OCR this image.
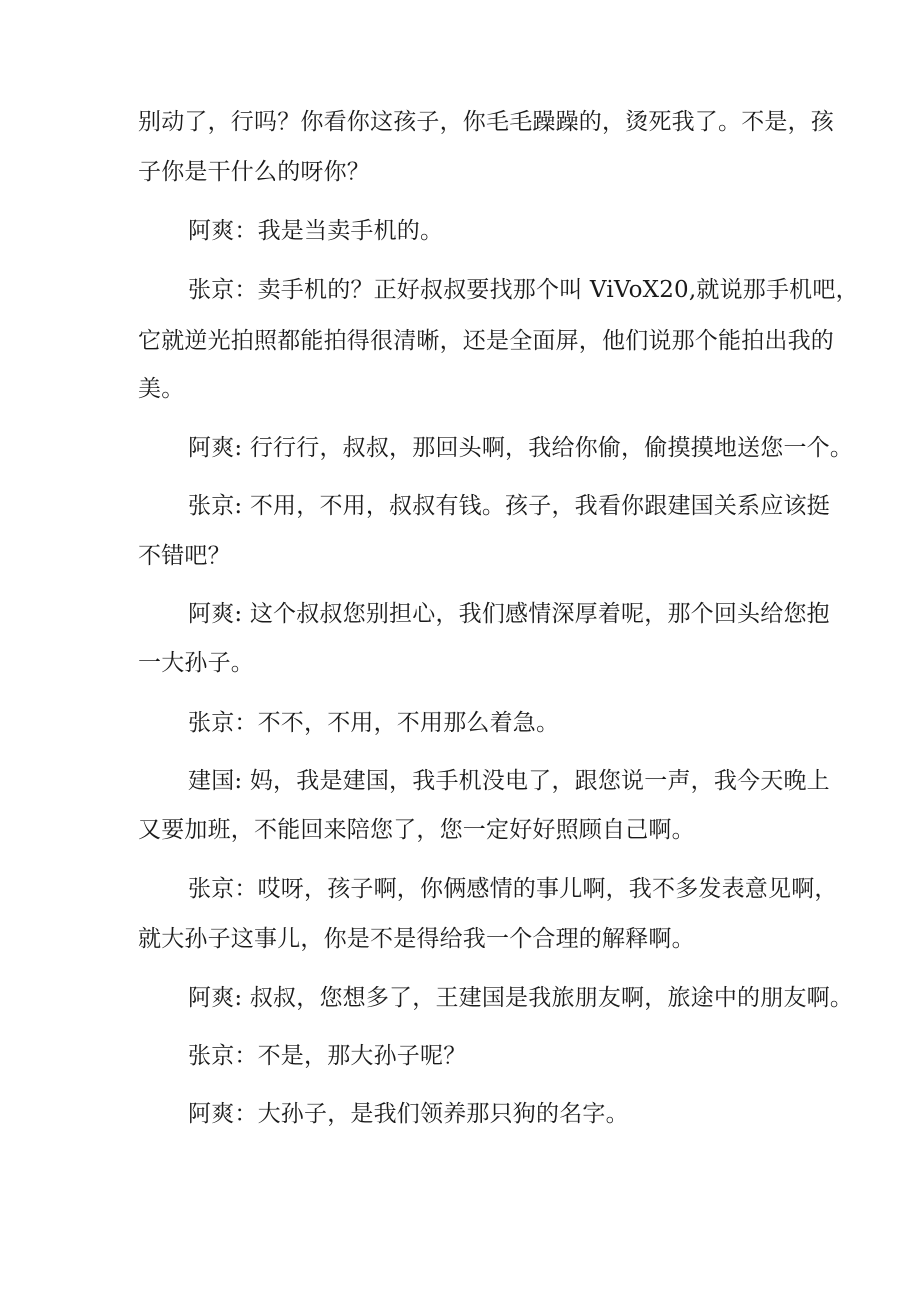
别动了，行吗？你看你这孩子，你毛毛躁躁的，烫死我了。不是，孩
子你是干什么的呀你？
阿爽：我是当卖手机的。
张京：卖手机的？正好叔叔要找那个叫 ViVoX20,就说那手机吧，
它就逆光拍照都能拍得很清晰，还是全面屏，他们说那个能拍出我的
美。
阿爽: 行行行，叔叔，那回头啊，我给你偷，偷摸摸地送您一个。
张京: 不用，不用，叔叔有钱。孩子，我看你跟建国关系应该挺
不错吧？
阿爽: 这个叔叔您别担心，我们感情深厚着呢，那个回头给您抱
一大孙子。
张京：不不，不用，不用那么着急。
建国: 妈，我是建国，我手机没电了，跟您说一声，我今天晚上
又要加班，不能回来陪您了，您一定好好照顾自己啊。
张京：哎呀，孩子啊，你俩感情的事儿啊，我不多发表意见啊，
就大孙子这事儿，你是不是得给我一个合理的解释啊。
阿爽: 叔叔，您想多了，王建国是我旅朋友啊，旅途中的朋友啊。
张京：不是，那大孙子呢？
阿爽：大孙子，是我们领养那只狗的名字。
